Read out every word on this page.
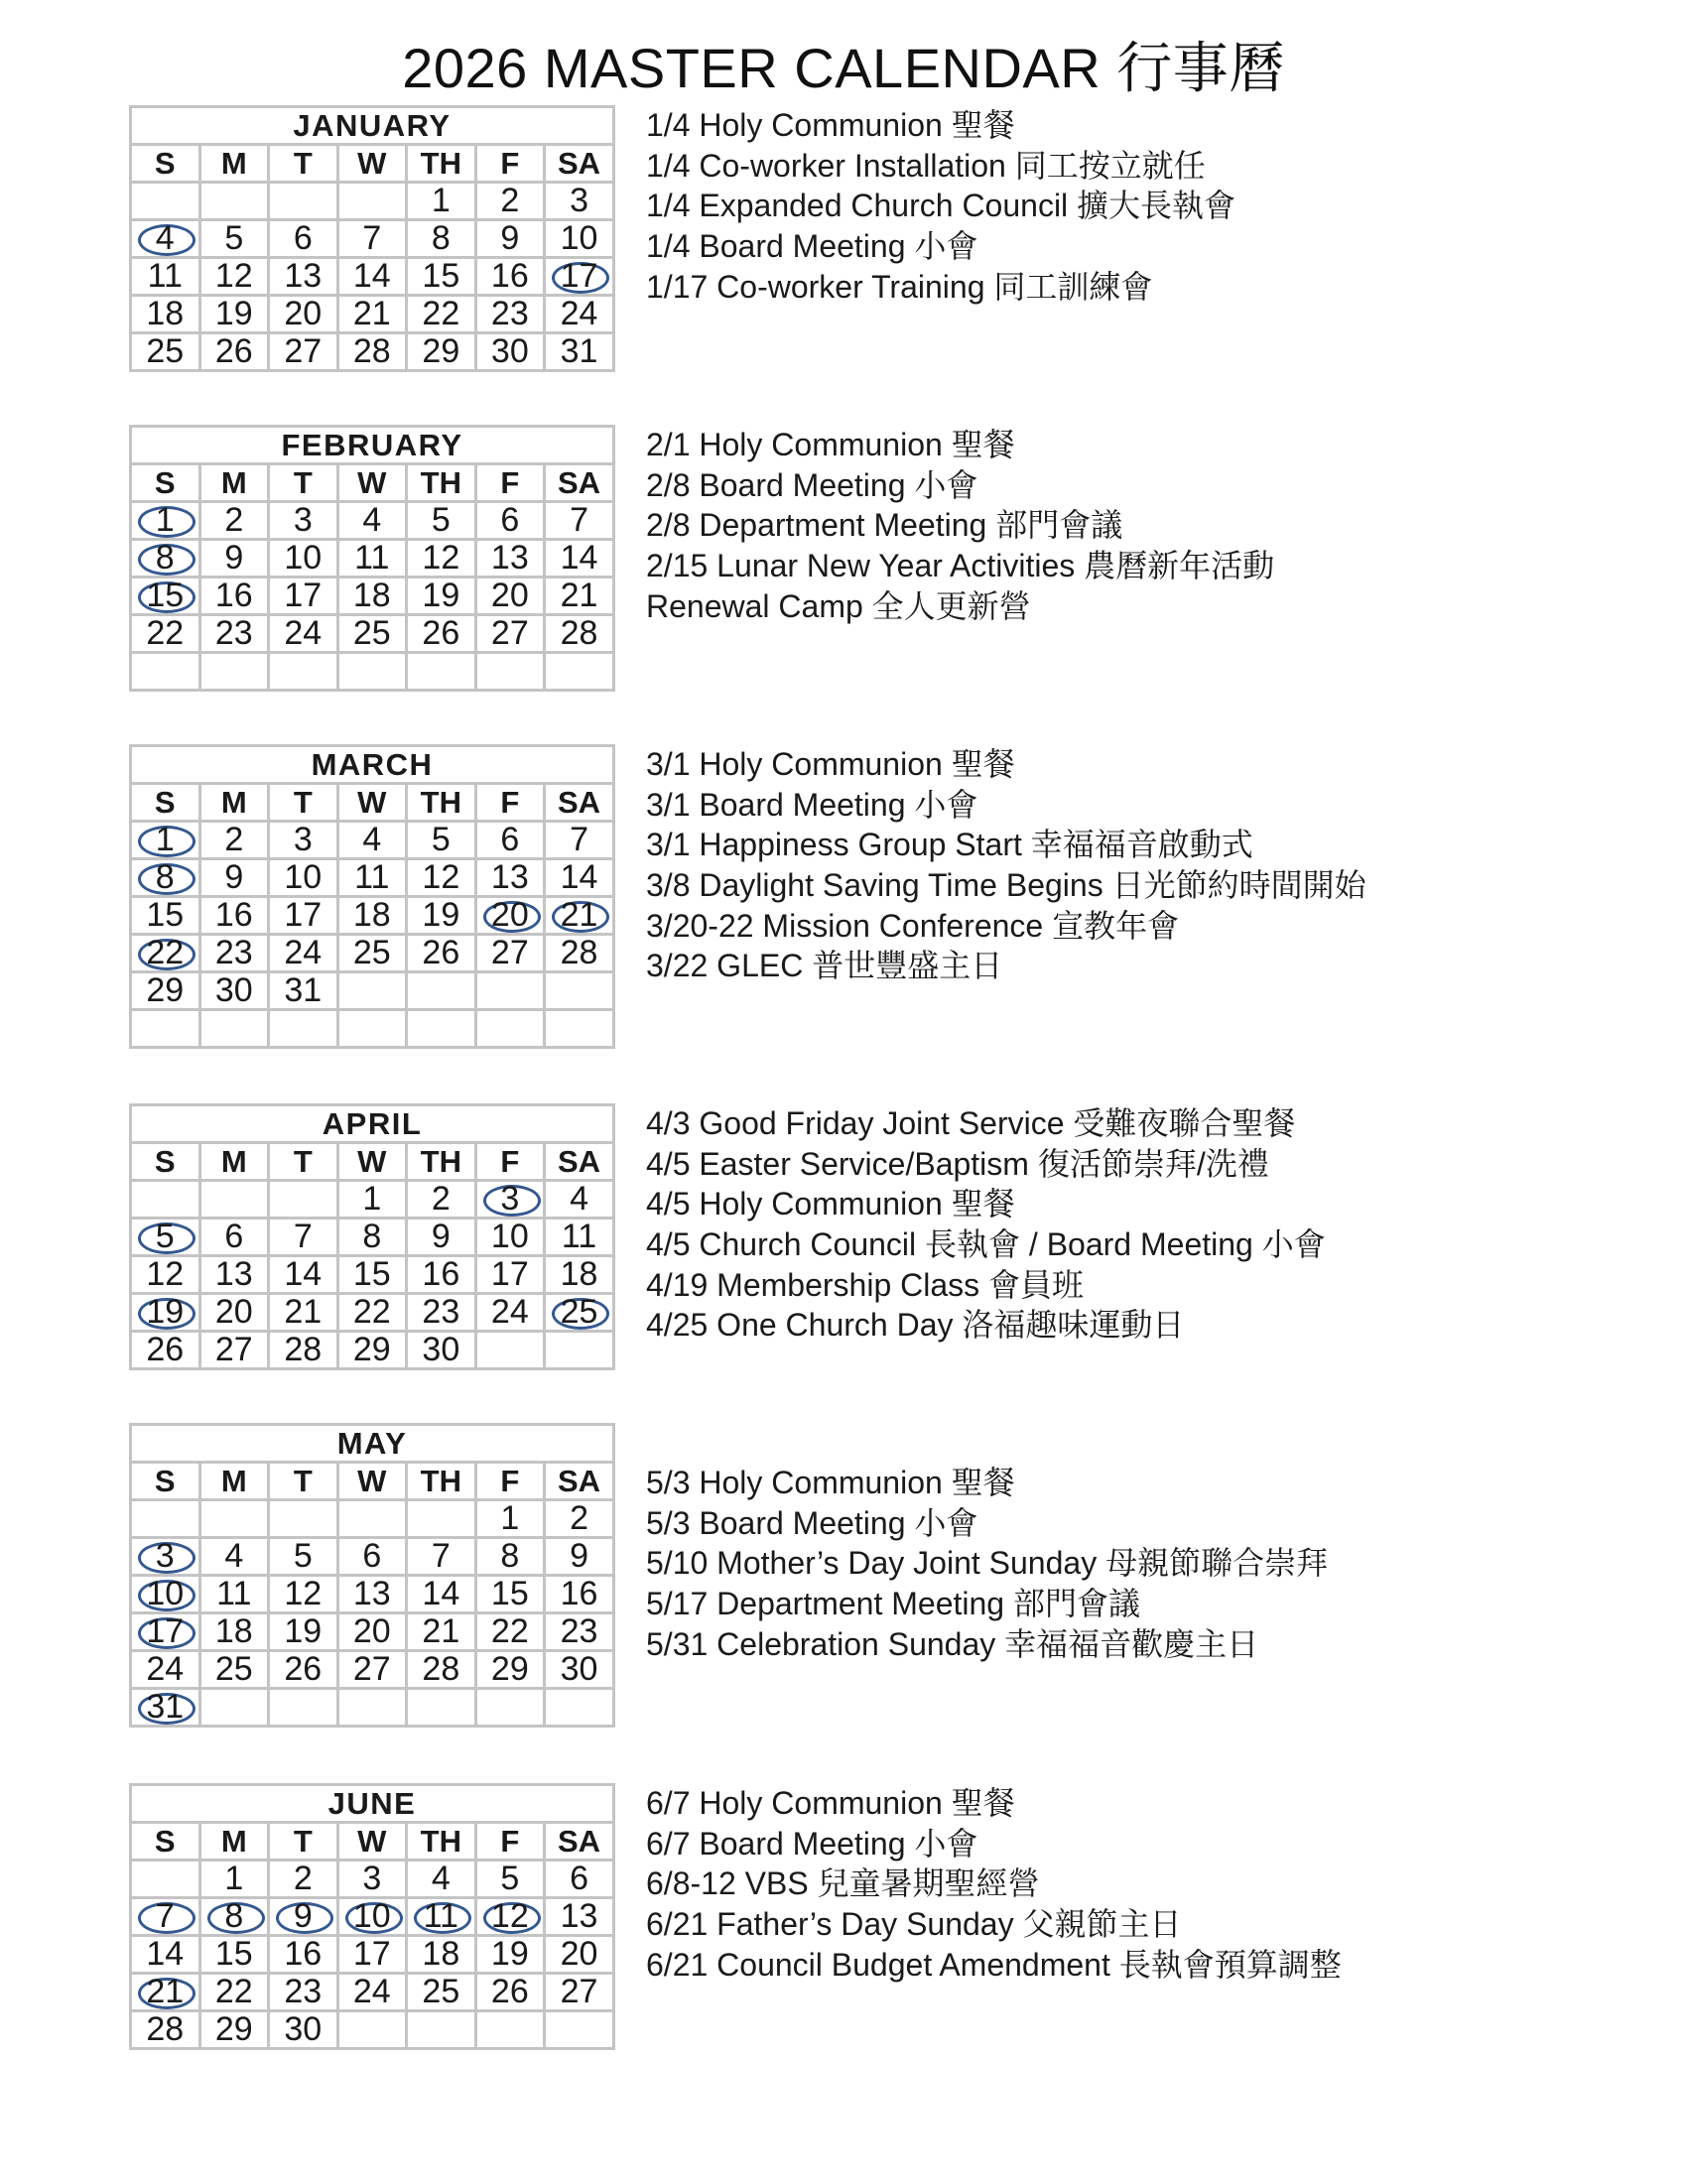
2026 MASTER CALENDAR 行事曆
JANUARY						
S	M	T	W	TH	F	SA
				1	2	3

4	5	6	7	8	9	10
11	12	13	14	15	16	17
18	19	20	21	22	23	24
25	26	27	28	29	30	31
1/4 Holy Communion 聖餐
1/4 Co-worker Installation 同工按立就任
1/4 Expanded Church Council 擴大長執會
1/4 Board Meeting 小會
1/17 Co-worker Training 同工訓練會
FEBRUARY						
S	M	T	W	TH	F	SA

1	2	3	4	5	6	7

8	9	10	11	12	13	14

15	16	17	18	19	20	21
22	23	24	25	26	27	28

2/1 Holy Communion 聖餐
2/8 Board Meeting 小會
2/8 Department Meeting 部門會議
2/15 Lunar New Year Activities 農曆新年活動
Renewal Camp 全人更新營
MARCH						
S	M	T	W	TH	F	SA

1	2	3	4	5	6	7

8	9	10	11	12	13	14
15	16	17	18	19	20	21

22	23	24	25	26	27	28
29	30	31				

3/1 Holy Communion 聖餐
3/1 Board Meeting 小會
3/1 Happiness Group Start 幸福福音啟動式
3/8 Daylight Saving Time Begins 日光節約時間開始
3/20-22 Mission Conference 宣教年會
3/22 GLEC 普世豐盛主日
APRIL						
S	M	T	W	TH	F	SA
			1	2	3	4

5	6	7	8	9	10	11
12	13	14	15	16	17	18

19	20	21	22	23	24	25
26	27	28	29	30		
4/3 Good Friday Joint Service 受難夜聯合聖餐
4/5 Easter Service/Baptism 復活節崇拜/洗禮
4/5 Holy Communion 聖餐
4/5 Church Council 長執會 / Board Meeting 小會
4/19 Membership Class 會員班
4/25 One Church Day 洛福趣味運動日
MAY						
S	M	T	W	TH	F	SA
					1	2

3	4	5	6	7	8	9

10	11	12	13	14	15	16

17	18	19	20	21	22	23
24	25	26	27	28	29	30

31						
5/3 Holy Communion 聖餐
5/3 Board Meeting 小會
5/10 Mother’s Day Joint Sunday 母親節聯合崇拜
5/17 Department Meeting 部門會議
5/31 Celebration Sunday 幸福福音歡慶主日
JUNE						
S	M	T	W	TH	F	SA
	1	2	3	4	5	6

7	8	9	10	11	12	13
14	15	16	17	18	19	20

21	22	23	24	25	26	27
28	29	30				
6/7 Holy Communion 聖餐
6/7 Board Meeting 小會
6/8-12 VBS 兒童暑期聖經營
6/21 Father’s Day Sunday 父親節主日
6/21 Council Budget Amendment 長執會預算調整
